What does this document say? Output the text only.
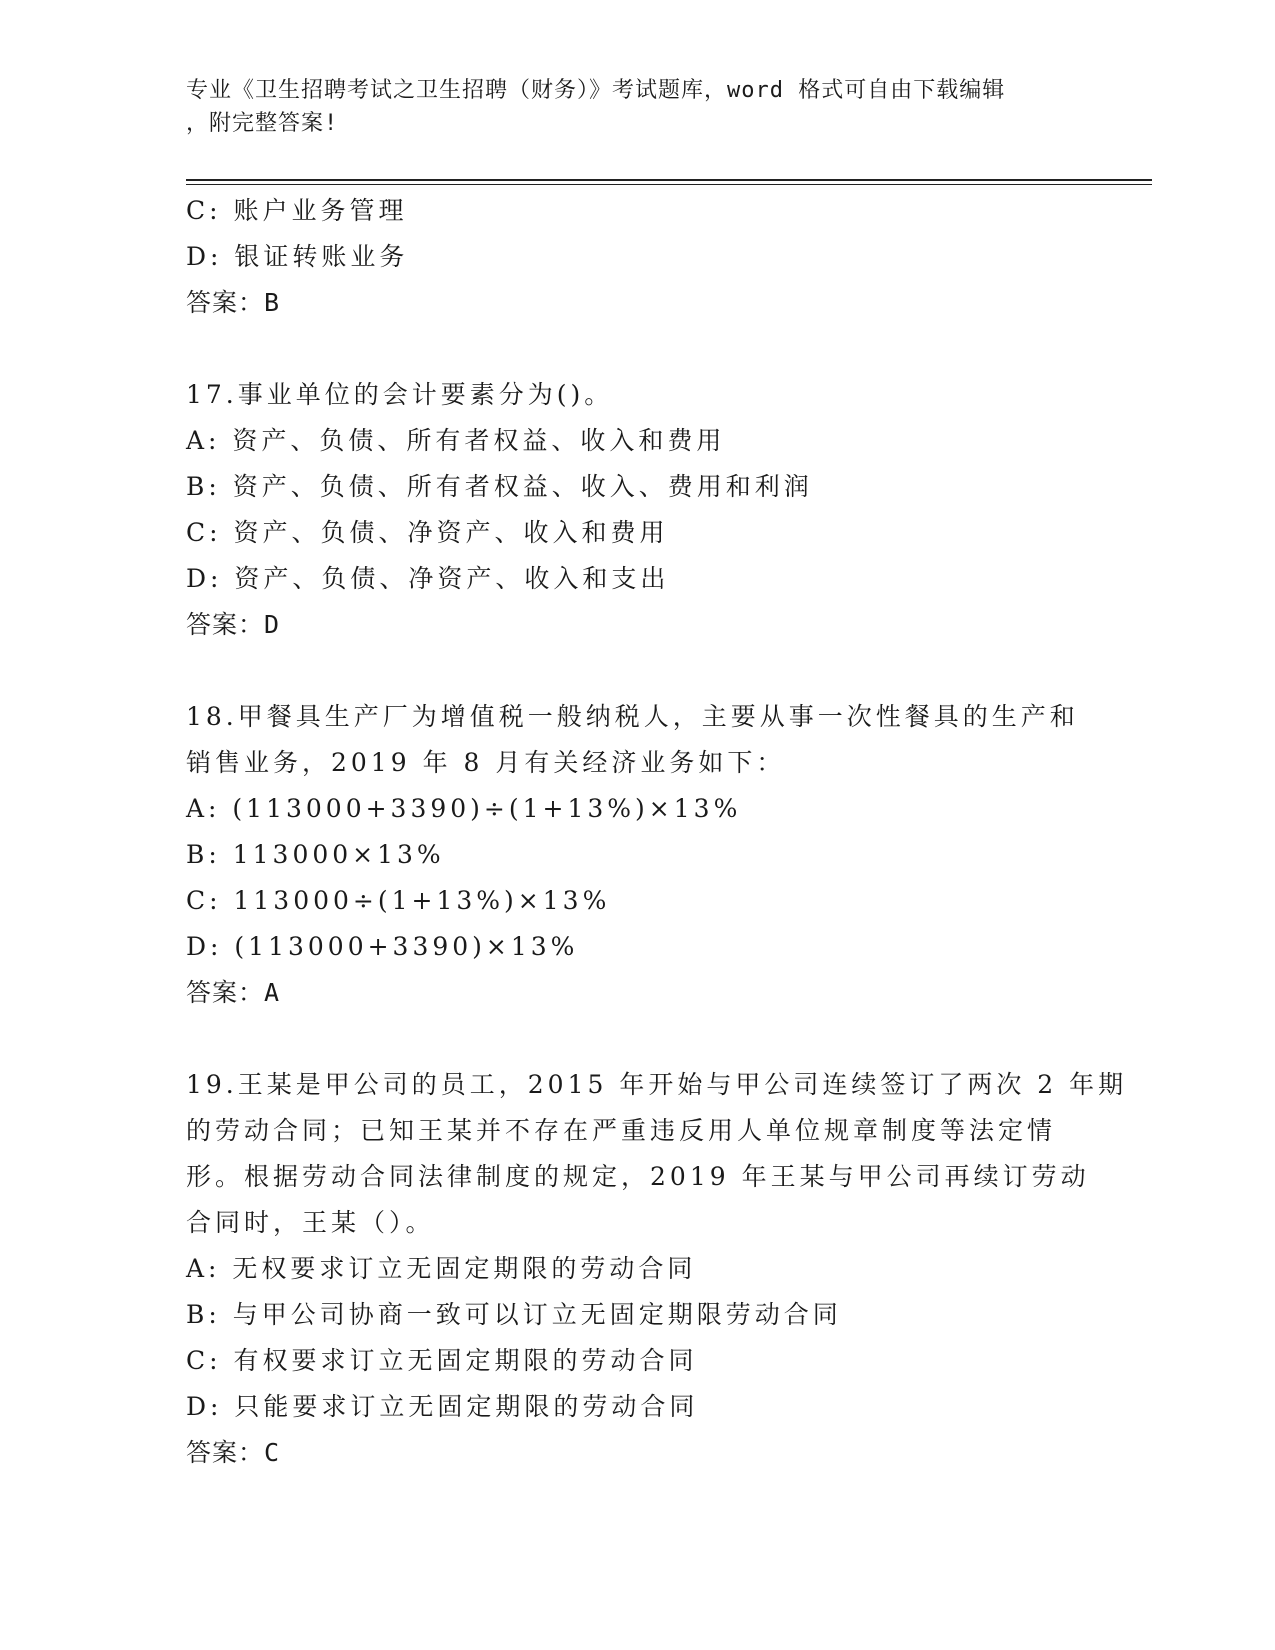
专业《卫生招聘考试之卫生招聘（财务）》考试题库，word 格式可自由下载编辑
，附完整答案!
C: 账户业务管理
D: 银证转账业务
答案：B
17.事业单位的会计要素分为()。
A: 资产、负债、所有者权益、收入和费用
B: 资产、负债、所有者权益、收入、费用和利润
C: 资产、负债、净资产、收入和费用
D: 资产、负债、净资产、收入和支出
答案：D
18.甲餐具生产厂为增值税一般纳税人，主要从事一次性餐具的生产和
销售业务，2019 年 8 月有关经济业务如下：
A: (113000+3390)÷(1+13%)×13%
B: 113000×13%
C: 113000÷(1+13%)×13%
D: (113000+3390)×13%
答案：A
19.王某是甲公司的员工，2015 年开始与甲公司连续签订了两次 2 年期
的劳动合同；已知王某并不存在严重违反用人单位规章制度等法定情
形。根据劳动合同法律制度的规定，2019 年王某与甲公司再续订劳动
合同时，王某（）。
A: 无权要求订立无固定期限的劳动合同
B: 与甲公司协商一致可以订立无固定期限劳动合同
C: 有权要求订立无固定期限的劳动合同
D: 只能要求订立无固定期限的劳动合同
答案：C
